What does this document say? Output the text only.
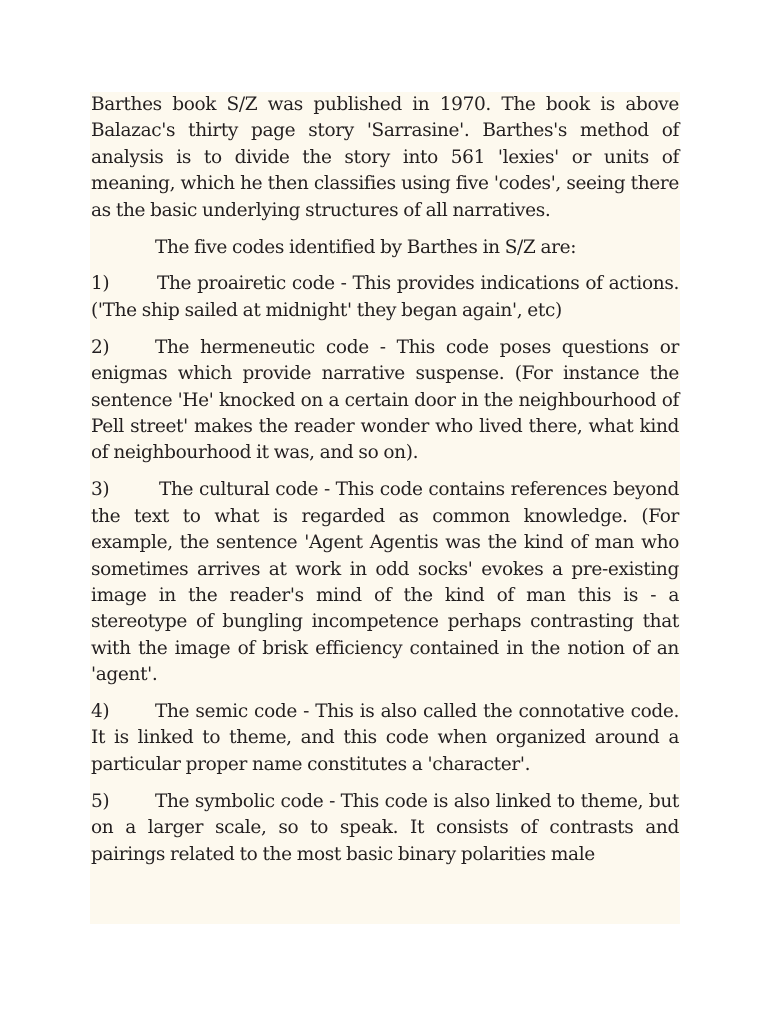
Barthes book S/Z was published in 1970. The book is above Balazac's thirty page story 'Sarrasine'. Barthes's method of analysis is to divide the story into 561 'lexies' or units of meaning, which he then classifies using five 'codes', seeing there as the basic underlying structures of all narratives.

The five codes identified by Barthes in S/Z are:

1)	The proairetic code - This provides indications of actions. ('The ship sailed at midnight' they began again', etc)

2) The hermeneutic code - This code poses questions or enigmas which provide narrative suspense. (For instance the sentence 'He' knocked on a certain door in the neighbourhood of Pell street' makes the reader wonder who lived there, what kind of neighbourhood it was, and so on).

3)	The cultural code - This code contains references beyond the text to what is regarded as common knowledge. (For example, the sentence 'Agent Agentis was the kind of man who sometimes arrives at work in odd socks' evokes a pre-existing image in the reader's mind of the kind of man this is - a stereotype of bungling incompetence perhaps contrasting that with the image of brisk efficiency contained in the notion of an 'agent'.

4) The semic code - This is also called the connotative code. It is linked to theme, and this code when organized around a particular proper name constitutes a 'character'.

5) The symbolic code - This code is also linked to theme, but on a larger scale, so to speak. It consists of contrasts and pairings related to the most basic binary polarities male
